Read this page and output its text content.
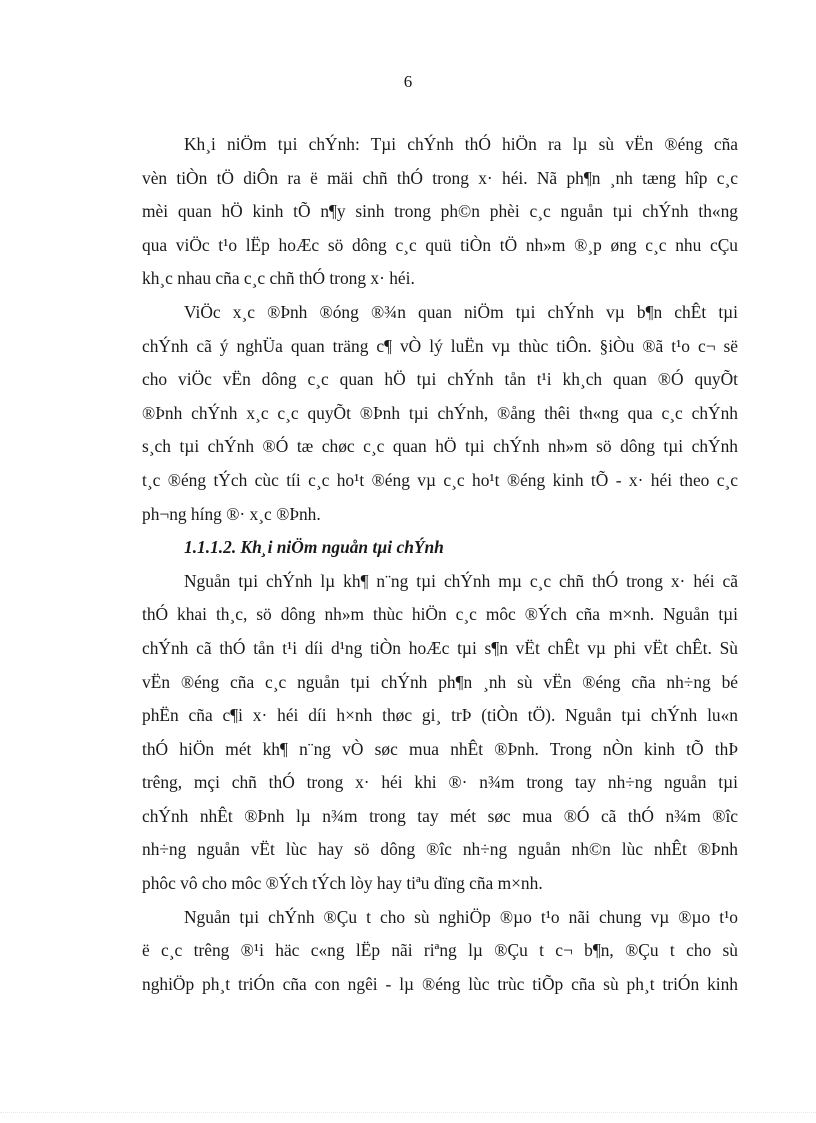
6
Kh¸i niÖm tµi chÝnh: Tµi chÝnh thÓ hiÖn ra lµ sù vËn ®éng cña
vèn tiÒn tÖ diÔn ra ë mäi chñ thÓ trong x· héi. Nã ph¶n ¸nh tæng hîp c¸c
mèi quan hÖ kinh tÕ n¶y sinh trong ph©n phèi c¸c nguån tµi chÝnh th«ng
qua viÖc t¹o lËp hoÆc sö dông c¸c quü tiÒn tÖ nh»m ®¸p øng c¸c nhu cÇu
kh¸c nhau cña c¸c chñ thÓ trong x· héi.
ViÖc x¸c ®Þnh ®óng ®¾n quan niÖm tµi chÝnh vµ b¶n chÊt tµi
chÝnh cã ý nghÜa quan träng c¶ vÒ lý luËn vµ thùc tiÔn. §iÒu ®ã t¹o c¬ së
cho viÖc vËn dông c¸c quan hÖ tµi chÝnh tån t¹i kh¸ch quan ®Ó quyÕt
®Þnh chÝnh x¸c c¸c quyÕt ®Þnh tµi chÝnh, ®ång thêi th«ng qua c¸c chÝnh
s¸ch tµi chÝnh ®Ó tæ chøc c¸c quan hÖ tµi chÝnh nh»m sö dông tµi chÝnh
t¸c ®éng tÝch cùc tíi c¸c ho¹t ®éng vµ c¸c ho¹t ®éng kinh tÕ - x· héi theo c¸c
ph¬ng híng ®· x¸c ®Þnh.
1.1.1.2. Kh¸i niÖm nguån tµi chÝnh
Nguån tµi chÝnh lµ kh¶ n¨ng tµi chÝnh mµ c¸c chñ thÓ trong x· héi cã
thÓ khai th¸c, sö dông nh»m thùc hiÖn c¸c môc ®Ých cña m×nh. Nguån tµi
chÝnh cã thÓ tån t¹i díi d¹ng tiÒn hoÆc tµi s¶n vËt chÊt vµ phi vËt chÊt. Sù
vËn ®éng cña c¸c nguån tµi chÝnh ph¶n ¸nh sù vËn ®éng cña nh÷ng bé
phËn cña c¶i x· héi díi h×nh thøc gi¸ trÞ (tiÒn tÖ). Nguån tµi chÝnh lu«n
thÓ hiÖn mét kh¶ n¨ng vÒ søc mua nhÊt ®Þnh. Trong nÒn kinh tÕ thÞ
trêng, mçi chñ thÓ trong x· héi khi ®· n¾m trong tay nh÷ng nguån tµi
chÝnh nhÊt ®Þnh lµ n¾m trong tay mét søc mua ®Ó cã thÓ n¾m ®îc
nh÷ng nguån vËt lùc hay sö dông ®îc nh÷ng nguån nh©n lùc nhÊt ®Þnh
phôc vô cho môc ®Ých tÝch lòy hay tiªu dïng cña m×nh.
Nguån tµi chÝnh ®Çu t cho sù nghiÖp ®µo t¹o nãi chung vµ ®µo t¹o
ë c¸c trêng ®¹i häc c«ng lËp nãi riªng lµ ®Çu t c¬ b¶n, ®Çu t cho sù
nghiÖp ph¸t triÓn cña con ngêi - lµ ®éng lùc trùc tiÕp cña sù ph¸t triÓn kinh
